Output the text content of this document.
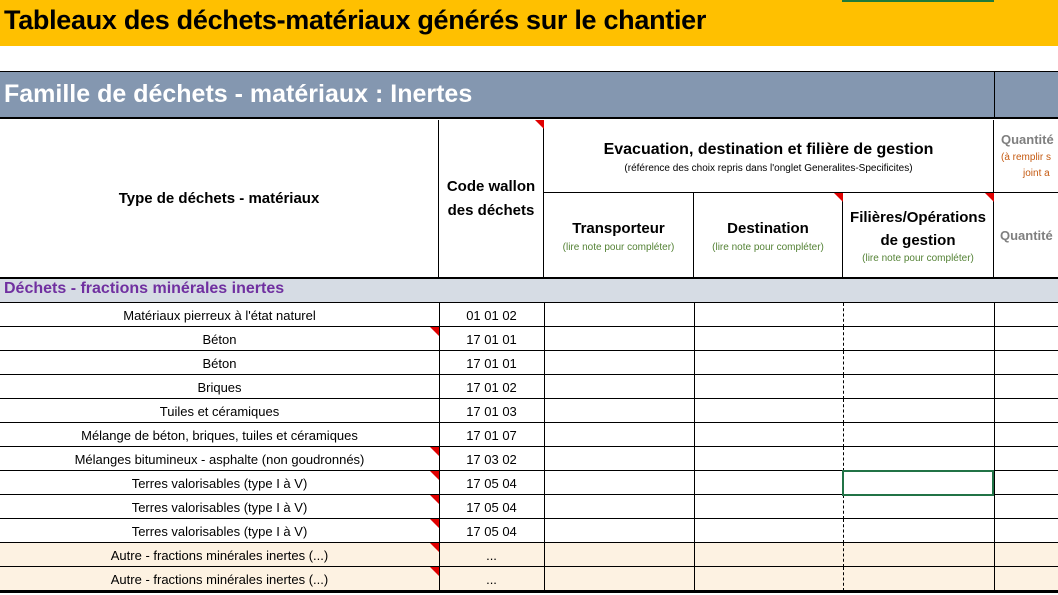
Tableaux des déchets-matériaux générés sur le chantier
Famille de déchets - matériaux : Inertes
Type de déchets - matériaux
Code wallon
des déchets
Evacuation, destination et filière de gestion
(référence des choix repris dans l'onglet Generalites-Specificites)
Transporteur
(lire note pour compléter)
Destination
(lire note pour compléter)
Filières/Opérations
de gestion
(lire note pour compléter)
Quantité
(à remplir s
joint a
Quantité
Déchets - fractions minérales inertes
Matériaux pierreux à l'état naturel	01 01 02
Béton	17 01 01
Béton	17 01 01
Briques	17 01 02
Tuiles et céramiques	17 01 03
Mélange de béton, briques, tuiles et céramiques	17 01 07
Mélanges bitumineux - asphalte (non goudronnés)	17 03 02
Terres valorisables (type I à V)	17 05 04
Terres valorisables (type I à V)	17 05 04
Terres valorisables (type I à V)	17 05 04
Autre - fractions minérales inertes (...)	...
Autre - fractions minérales inertes (...)	...
